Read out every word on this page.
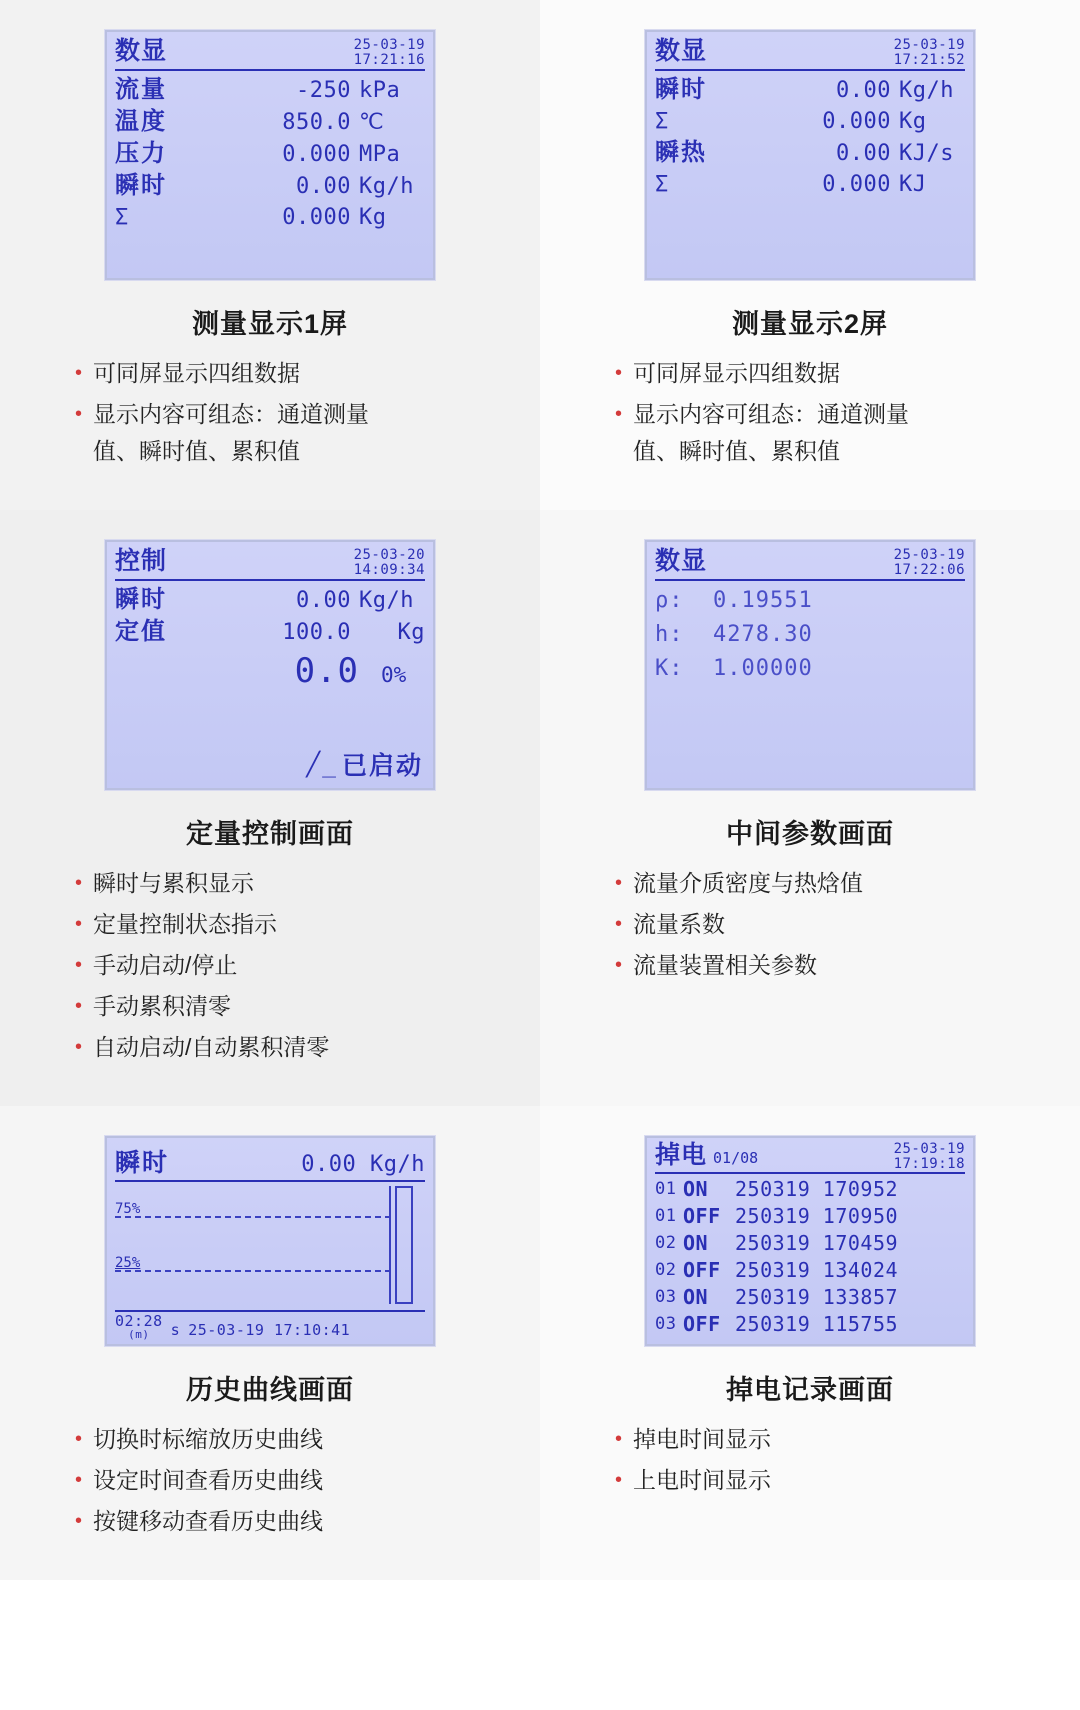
数显	25-03-19
17:21:16
流量	-250 kPa
温度	850.0 ℃
压力	0.000 MPa
瞬时	0.00 Kg/h
Σ	0.000 Kg
测量显示1屏
• 可同屏显示四组数据
• 显示内容可组态：通道测量
值、瞬时值、累积值
数显	25-03-19
17:21:52
瞬时	0.00 Kg/h
Σ	0.000 Kg
瞬热	0.00 KJ/s
Σ	0.000 KJ
测量显示2屏
• 可同屏显示四组数据
• 显示内容可组态：通道测量
值、瞬时值、累积值
控制	25-03-20
14:09:34
瞬时	0.00 Kg/h
定值	100.0	Kg
0.0 0%
╱_ 已启动
定量控制画面
• 瞬时与累积显示
• 定量控制状态指示
• 手动启动/停止
• 手动累积清零
• 自动启动/自动累积清零
数显	25-03-19
17:22:06
ρ:	0.19551
h:	4278.30
K:	1.00000
中间参数画面
• 流量介质密度与热焓值
• 流量系数
• 流量装置相关参数
瞬时	0.00 Kg/h
75%
25%
02:28
(m)	s 25-03-19 17:10:41
历史曲线画面
• 切换时标缩放历史曲线
• 设定时间查看历史曲线
• 按键移动查看历史曲线
掉电 01/08	25-03-19
17:19:18
01 ON	250319 170952
01 OFF 250319 170950
02 ON	250319 170459
02 OFF 250319 134024
03 ON	250319 133857
03 OFF 250319 115755
掉电记录画面
• 掉电时间显示
• 上电时间显示
